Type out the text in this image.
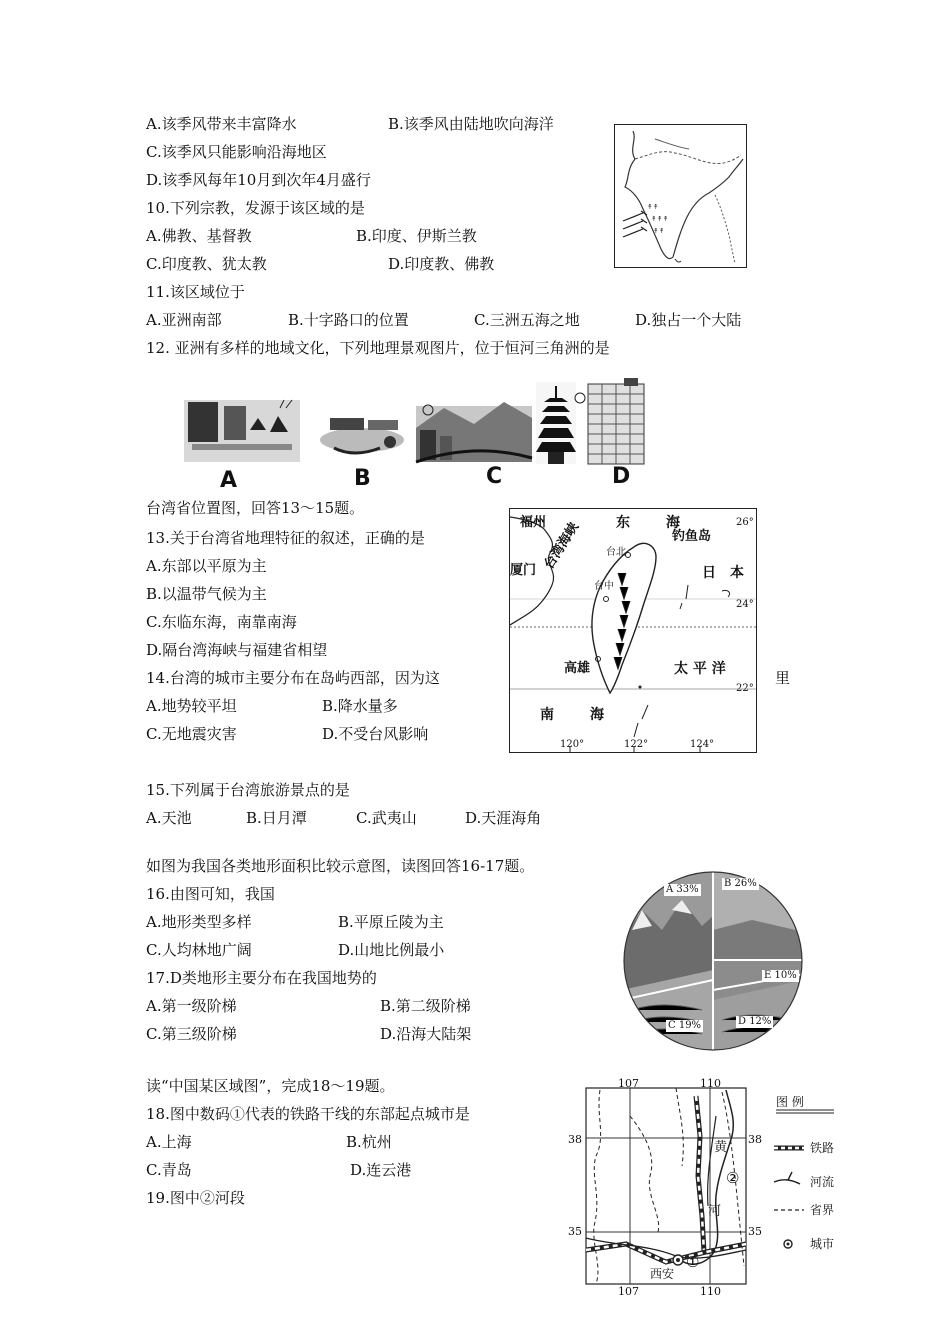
A.该季风带来丰富降水	B.该季风由陆地吹向海洋
C.该季风只能影响沿海地区
D.该季风每年10月到次年4月盛行
↟↟
↟↟↟
↟↟
10.下列宗教，发源于该区域的是
A.佛教、基督教	B.印度、伊斯兰教
C.印度教、犹太教	D.印度教、佛教
11.该区域位于
A.亚洲南部	B.十字路口的位置	C.三洲五海之地	D.独占一个大陆
12. 亚洲有多样的地域文化，下列地理景观图片，位于恒河三角洲的是
A	B	C	D
台湾省位置图，回答13～15题。
13.关于台湾省地理特征的叙述，正确的是
A.东部以平原为主
B.以温带气候为主
C.东临东海，南靠南海
D.隔台湾海峡与福建省相望
14.台湾的城市主要分布在岛屿西部，因为这	里
A.地势较平坦	B.降水量多
C.无地震灾害	D.不受台风影响
15.下列属于台湾旅游景点的是
A.天池	B.日月潭	C.武夷山	D.天涯海角
福州	东	海
钓鱼岛
26°
厦门 台湾海峡 台北
台中
日 本
24°
高雄	太 平 洋
22°
南	海
120°	122°	124°
如图为我国各类地形面积比较示意图，读图回答16-17题。
16.由图可知，我国
A.地形类型多样	B.平原丘陵为主
C.人均林地广阔	D.山地比例最小
17.D类地形主要分布在我国地势的
A.第一级阶梯	B.第二级阶梯
C.第三级阶梯	D.沿海大陆架
A 33%
B 26%
E 10%
C 19%	D 12%
读“中国某区域图”，完成18～19题。
18.图中数码①代表的铁路干线的东部起点城市是
A.上海	B.杭州
C.青岛	D.连云港
19.图中②河段
107	110
107	110
38	38
35	35
黄
河
②
①
西安
图 例
铁路
河流
省界
城市
